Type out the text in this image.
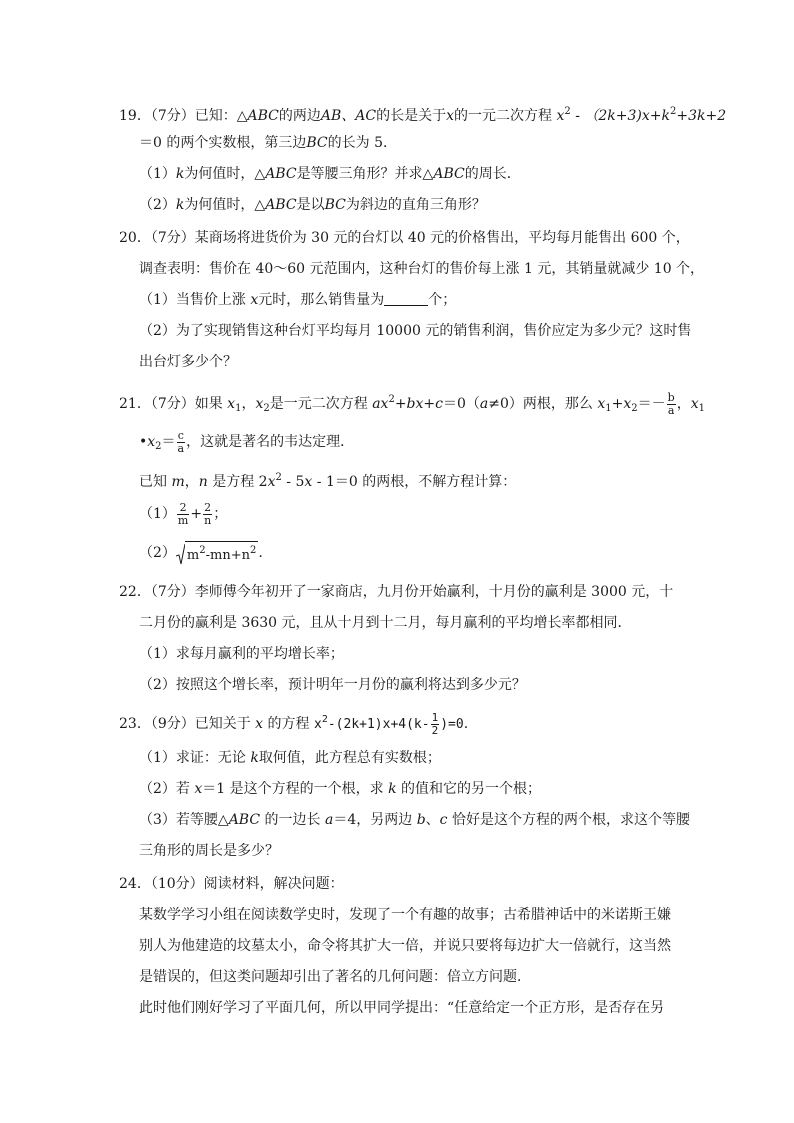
19．（7分）已知：△ABC的两边AB、AC的长是关于x的一元二次方程 $x^2 - (2k+3)x+k^2+3k+2$
＝0 的两个实数根，第三边BC的长为 5．
（1）k为何值时，△ABC是等腰三角形？并求△ABC的周长．
（2）k为何值时，△ABC是以BC为斜边的直角三角形？
20．（7分）某商场将进货价为 30 元的台灯以 40 元的价格售出，平均每月能售出 600 个，
调查表明：售价在 40～60 元范围内，这种台灯的售价每上涨 1 元，其销量就减少 10 个，
（1）当售价上涨 x元时，那么销售量为	个；
（2）为了实现销售这种台灯平均每月 10000 元的销售利润，售价应定为多少元？这时售
出台灯多少个？
21．（7分）如果 $x_1$，$x_2$是一元二次方程 $ax^2+bx+c=0(a\ne 0)$两根，那么 $x_1+x_2=- \frac{b}{a}$ ，$x_1$
$•x_2= \frac{c}{a}$ ，这就是著名的韦达定理．
已知 m，n 是方程 $2x^2 - 5x - 1=0$ 的两根，不解方程计算：
$(1) \frac{2}{m} + \frac{2}{n}$ ；
（2） $m^2-mn+n^2$ .
22．（7分）李师傅今年初开了一家商店，九月份开始赢利，十月份的赢利是 3000 元，十
二月份的赢利是 3630 元，且从十月到十二月，每月赢利的平均增长率都相同．
（1）求每月赢利的平均增长率；
（2）按照这个增长率，预计明年一月份的赢利将达到多少元？
23．（9分）已知关于 x 的方程 $x^2-(2k+1)x+4(k- \frac{1}{2} )=0$.
（1）求证：无论 k取何值，此方程总有实数根；
（2）若 x＝1 是这个方程的一个根，求 k 的值和它的另一个根；
（3）若等腰△ABC 的一边长 a＝4，另两边 b、c 恰好是这个方程的两个根，求这个等腰
三角形的周长是多少？
24．（10分）阅读材料，解决问题：
某数学学习小组在阅读数学史时，发现了一个有趣的故事；古希腊神话中的米诺斯王嫌
别人为他建造的坟墓太小，命令将其扩大一倍，并说只要将每边扩大一倍就行，这当然
是错误的，但这类问题却引出了著名的几何问题：倍立方问题．
此时他们刚好学习了平面几何，所以甲同学提出：“任意给定一个正方形，是否存在另
